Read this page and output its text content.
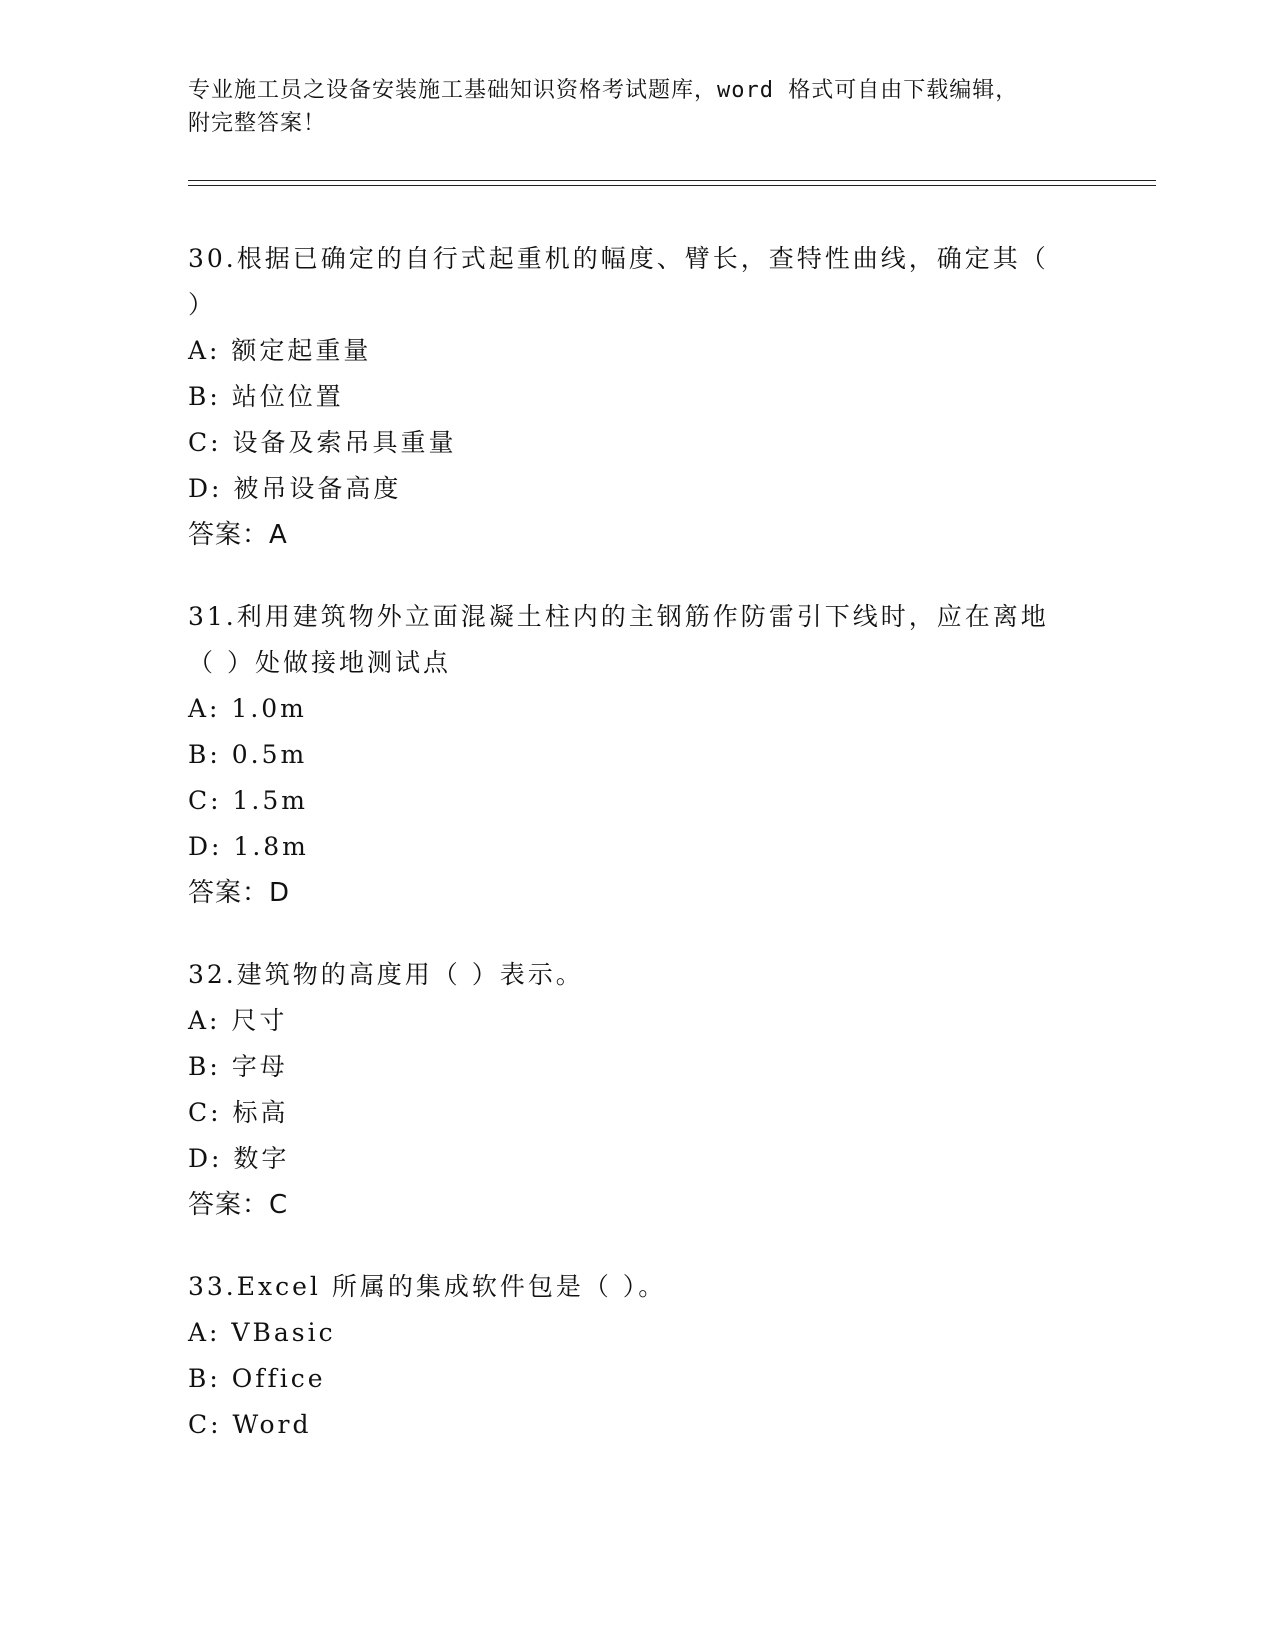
专业施工员之设备安装施工基础知识资格考试题库，word 格式可自由下载编辑，
附完整答案！
30.根据已确定的自行式起重机的幅度、臂长，查特性曲线，确定其（ ）
A: 额定起重量
B: 站位位置
C: 设备及索吊具重量
D: 被吊设备高度
答案：A
31.利用建筑物外立面混凝土柱内的主钢筋作防雷引下线时，应在离地 （ ）处做接地测试点
A: 1.0m
B: 0.5m
C: 1.5m
D: 1.8m
答案：D
32.建筑物的高度用（ ）表示。
A: 尺寸
B: 字母
C: 标高
D: 数字
答案：C
33.Excel 所属的集成软件包是（ ）。
A: VBasic
B: Office
C: Word
